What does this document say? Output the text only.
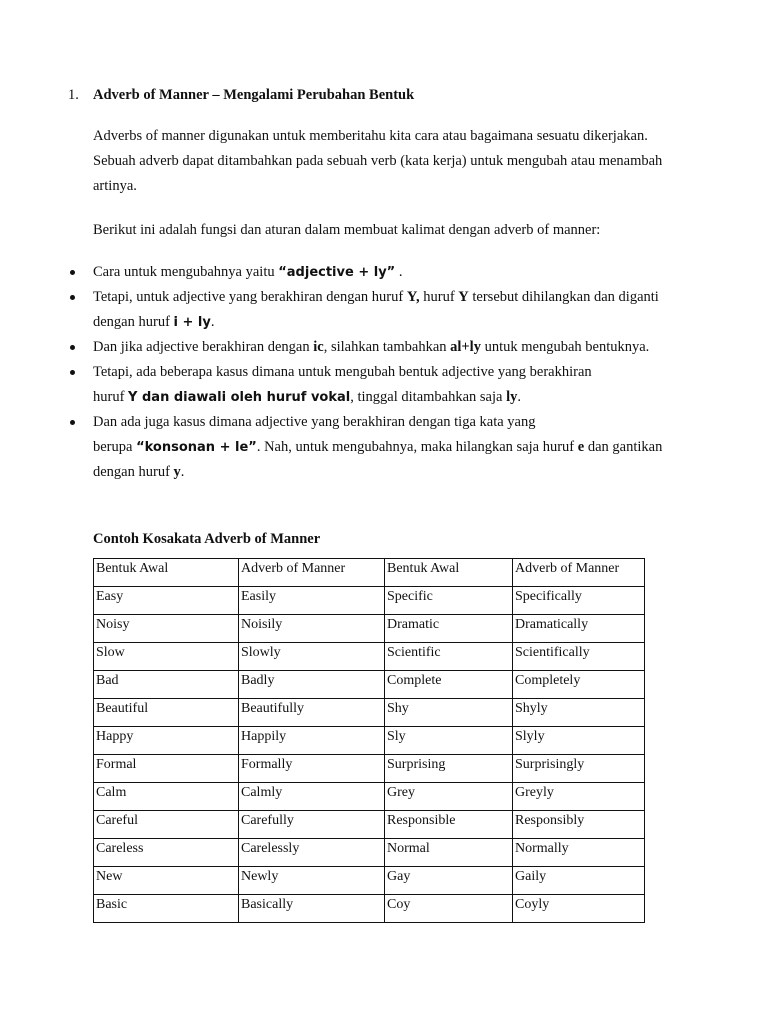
1. Adverb of Manner – Mengalami Perubahan Bentuk

Adverbs of manner digunakan untuk memberitahu kita cara atau bagaimana sesuatu dikerjakan. Sebuah adverb dapat ditambahkan pada sebuah verb (kata kerja) untuk mengubah atau menambah artinya.

Berikut ini adalah fungsi dan aturan dalam membuat kalimat dengan adverb of manner:

Cara untuk mengubahnya yaitu “adjective + ly” .
Tetapi, untuk adjective yang berakhiran dengan huruf Y, huruf Y tersebut dihilangkan dan diganti dengan huruf i + ly.
Dan jika adjective berakhiran dengan ic, silahkan tambahkan al+ly untuk mengubah bentuknya.
Tetapi, ada beberapa kasus dimana untuk mengubah bentuk adjective yang berakhiran
huruf Y dan diawali oleh huruf vokal, tinggal ditambahkan saja ly.
Dan ada juga kasus dimana adjective yang berakhiran dengan tiga kata yang
berupa “konsonan + le”. Nah, untuk mengubahnya, maka hilangkan saja huruf e dan gantikan dengan huruf y.
Contoh Kosakata Adverb of Manner
Bentuk Awal	Adverb of Manner	Bentuk Awal	Adverb of Manner
Easy	Easily	Specific	Specifically
Noisy	Noisily	Dramatic	Dramatically
Slow	Slowly	Scientific	Scientifically
Bad	Badly	Complete	Completely
Beautiful	Beautifully	Shy	Shyly
Happy	Happily	Sly	Slyly
Formal	Formally	Surprising	Surprisingly
Calm	Calmly	Grey	Greyly
Careful	Carefully	Responsible	Responsibly
Careless	Carelessly	Normal	Normally
New	Newly	Gay	Gaily
Basic	Basically	Coy	Coyly
